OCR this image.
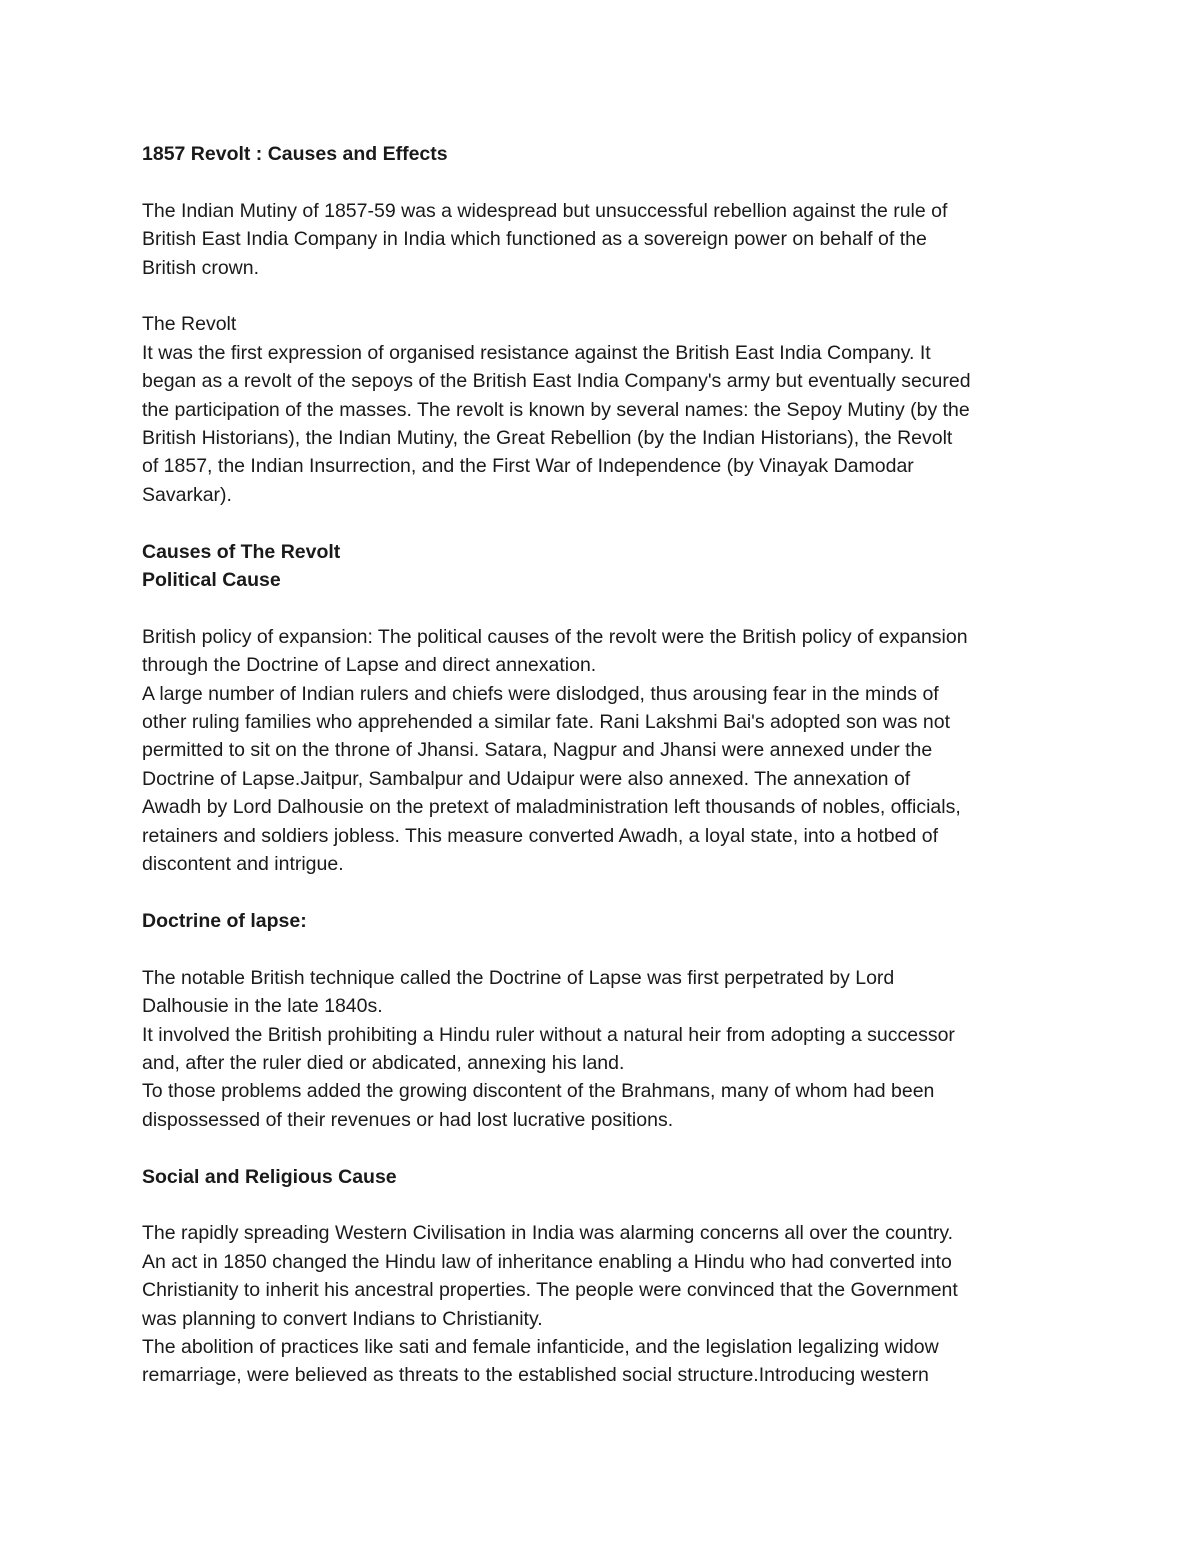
1857 Revolt : Causes and Effects

The Indian Mutiny of 1857-59 was a widespread but unsuccessful rebellion against the rule of
British East India Company in India which functioned as a sovereign power on behalf of the
British crown.

The Revolt

It was the first expression of organised resistance against the British East India Company. It
began as a revolt of the sepoys of the British East India Company's army but eventually secured
the participation of the masses. The revolt is known by several names: the Sepoy Mutiny (by the
British Historians), the Indian Mutiny, the Great Rebellion (by the Indian Historians), the Revolt
of 1857, the Indian Insurrection, and the First War of Independence (by Vinayak Damodar
Savarkar).

Causes of The Revolt

Political Cause

British policy of expansion: The political causes of the revolt were the British policy of expansion
through the Doctrine of Lapse and direct annexation.

A large number of Indian rulers and chiefs were dislodged, thus arousing fear in the minds of
other ruling families who apprehended a similar fate. Rani Lakshmi Bai's adopted son was not
permitted to sit on the throne of Jhansi. Satara, Nagpur and Jhansi were annexed under the
Doctrine of Lapse.Jaitpur, Sambalpur and Udaipur were also annexed. The annexation of
Awadh by Lord Dalhousie on the pretext of maladministration left thousands of nobles, officials,
retainers and soldiers jobless. This measure converted Awadh, a loyal state, into a hotbed of
discontent and intrigue.

Doctrine of lapse:

The notable British technique called the Doctrine of Lapse was first perpetrated by Lord
Dalhousie in the late 1840s.

It involved the British prohibiting a Hindu ruler without a natural heir from adopting a successor
and, after the ruler died or abdicated, annexing his land.

To those problems added the growing discontent of the Brahmans, many of whom had been
dispossessed of their revenues or had lost lucrative positions.

Social and Religious Cause

The rapidly spreading Western Civilisation in India was alarming concerns all over the country.
An act in 1850 changed the Hindu law of inheritance enabling a Hindu who had converted into
Christianity to inherit his ancestral properties. The people were convinced that the Government
was planning to convert Indians to Christianity.

The abolition of practices like sati and female infanticide, and the legislation legalizing widow
remarriage, were believed as threats to the established social structure.Introducing western
